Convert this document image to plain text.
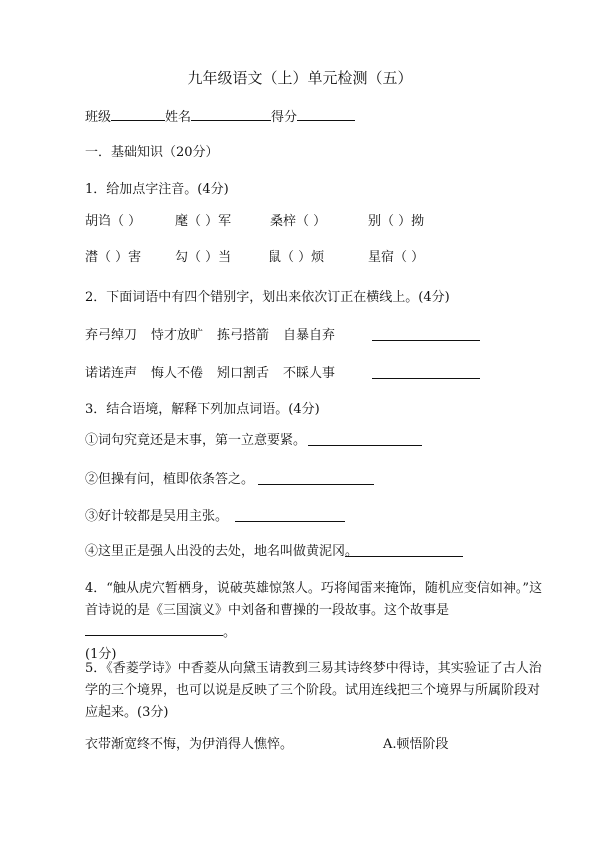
九年级语文（上）单元检测（五）
班级	姓名	得分
一．基础知识（20分）
1．给加点字注音。(4分)
胡诌（ ）	麾（ ）军	桑梓（ ）	别（ ）拗
澘（ ）害	勾（ ）当	鼠（ ）烦	星宿（ ）
2．下面词语中有四个错别字，划出来依次订正在横线上。(4分)
弃弓绰刀 恃才放旷 拣弓搭箭 自暴自弃
诺诺连声 悔人不倦 矧口割舌 不睬人事
3．结合语境，解释下列加点词语。(4分)
①词句究竟还是末事，第一立意要紧。
②但操有问，植即依条答之。
③好计较都是吴用主张。
④这里正是强人出没的去处，地名叫做黄泥冈。
4．“触从虎穴暂栖身，说破英雄惊煞人。巧将闻雷来掩饰，随机应变信如神。”这首诗说的是《三国演义》中刘备和曹操的一段故事。这个故事是。
(1分)
5．《香菱学诗》中香菱从向黛玉请教到三易其诗终梦中得诗，其实验证了古人治学的三个境界，也可以说是反映了三个阶段。试用连线把三个境界与所属阶段对应起来。(3分)
衣带渐宽终不悔，为伊消得人憔悴。	A.顿悟阶段
